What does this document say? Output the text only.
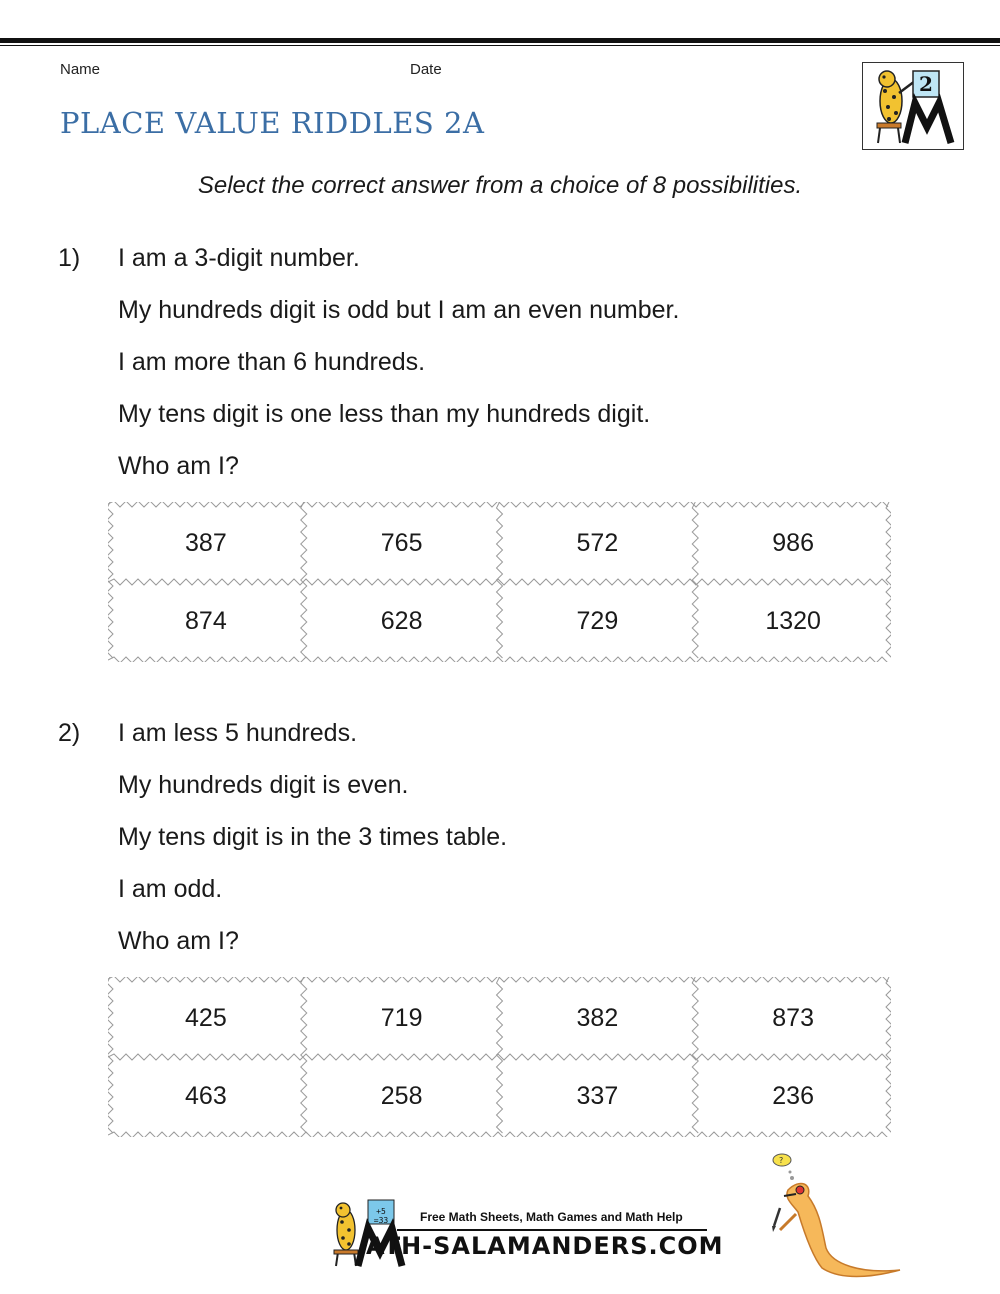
Name	Date
PLACE VALUE RIDDLES 2A
2
Select the correct answer from a choice of 8 possibilities.
1) I am a 3-digit number.
My hundreds digit is odd but I am an even number.
I am more than 6 hundreds.
My tens digit is one less than my hundreds digit.
Who am I?
387	765	572	986
874	628	729	1320
2) I am less 5 hundreds.
My hundreds digit is even.
My tens digit is in the 3 times table.
I am odd.
Who am I?
425	719	382	873
463	258	337	236
+5 =33	Free Math Sheets, Math Games and Math Help
ATH-SALAMANDERS.COM
?
